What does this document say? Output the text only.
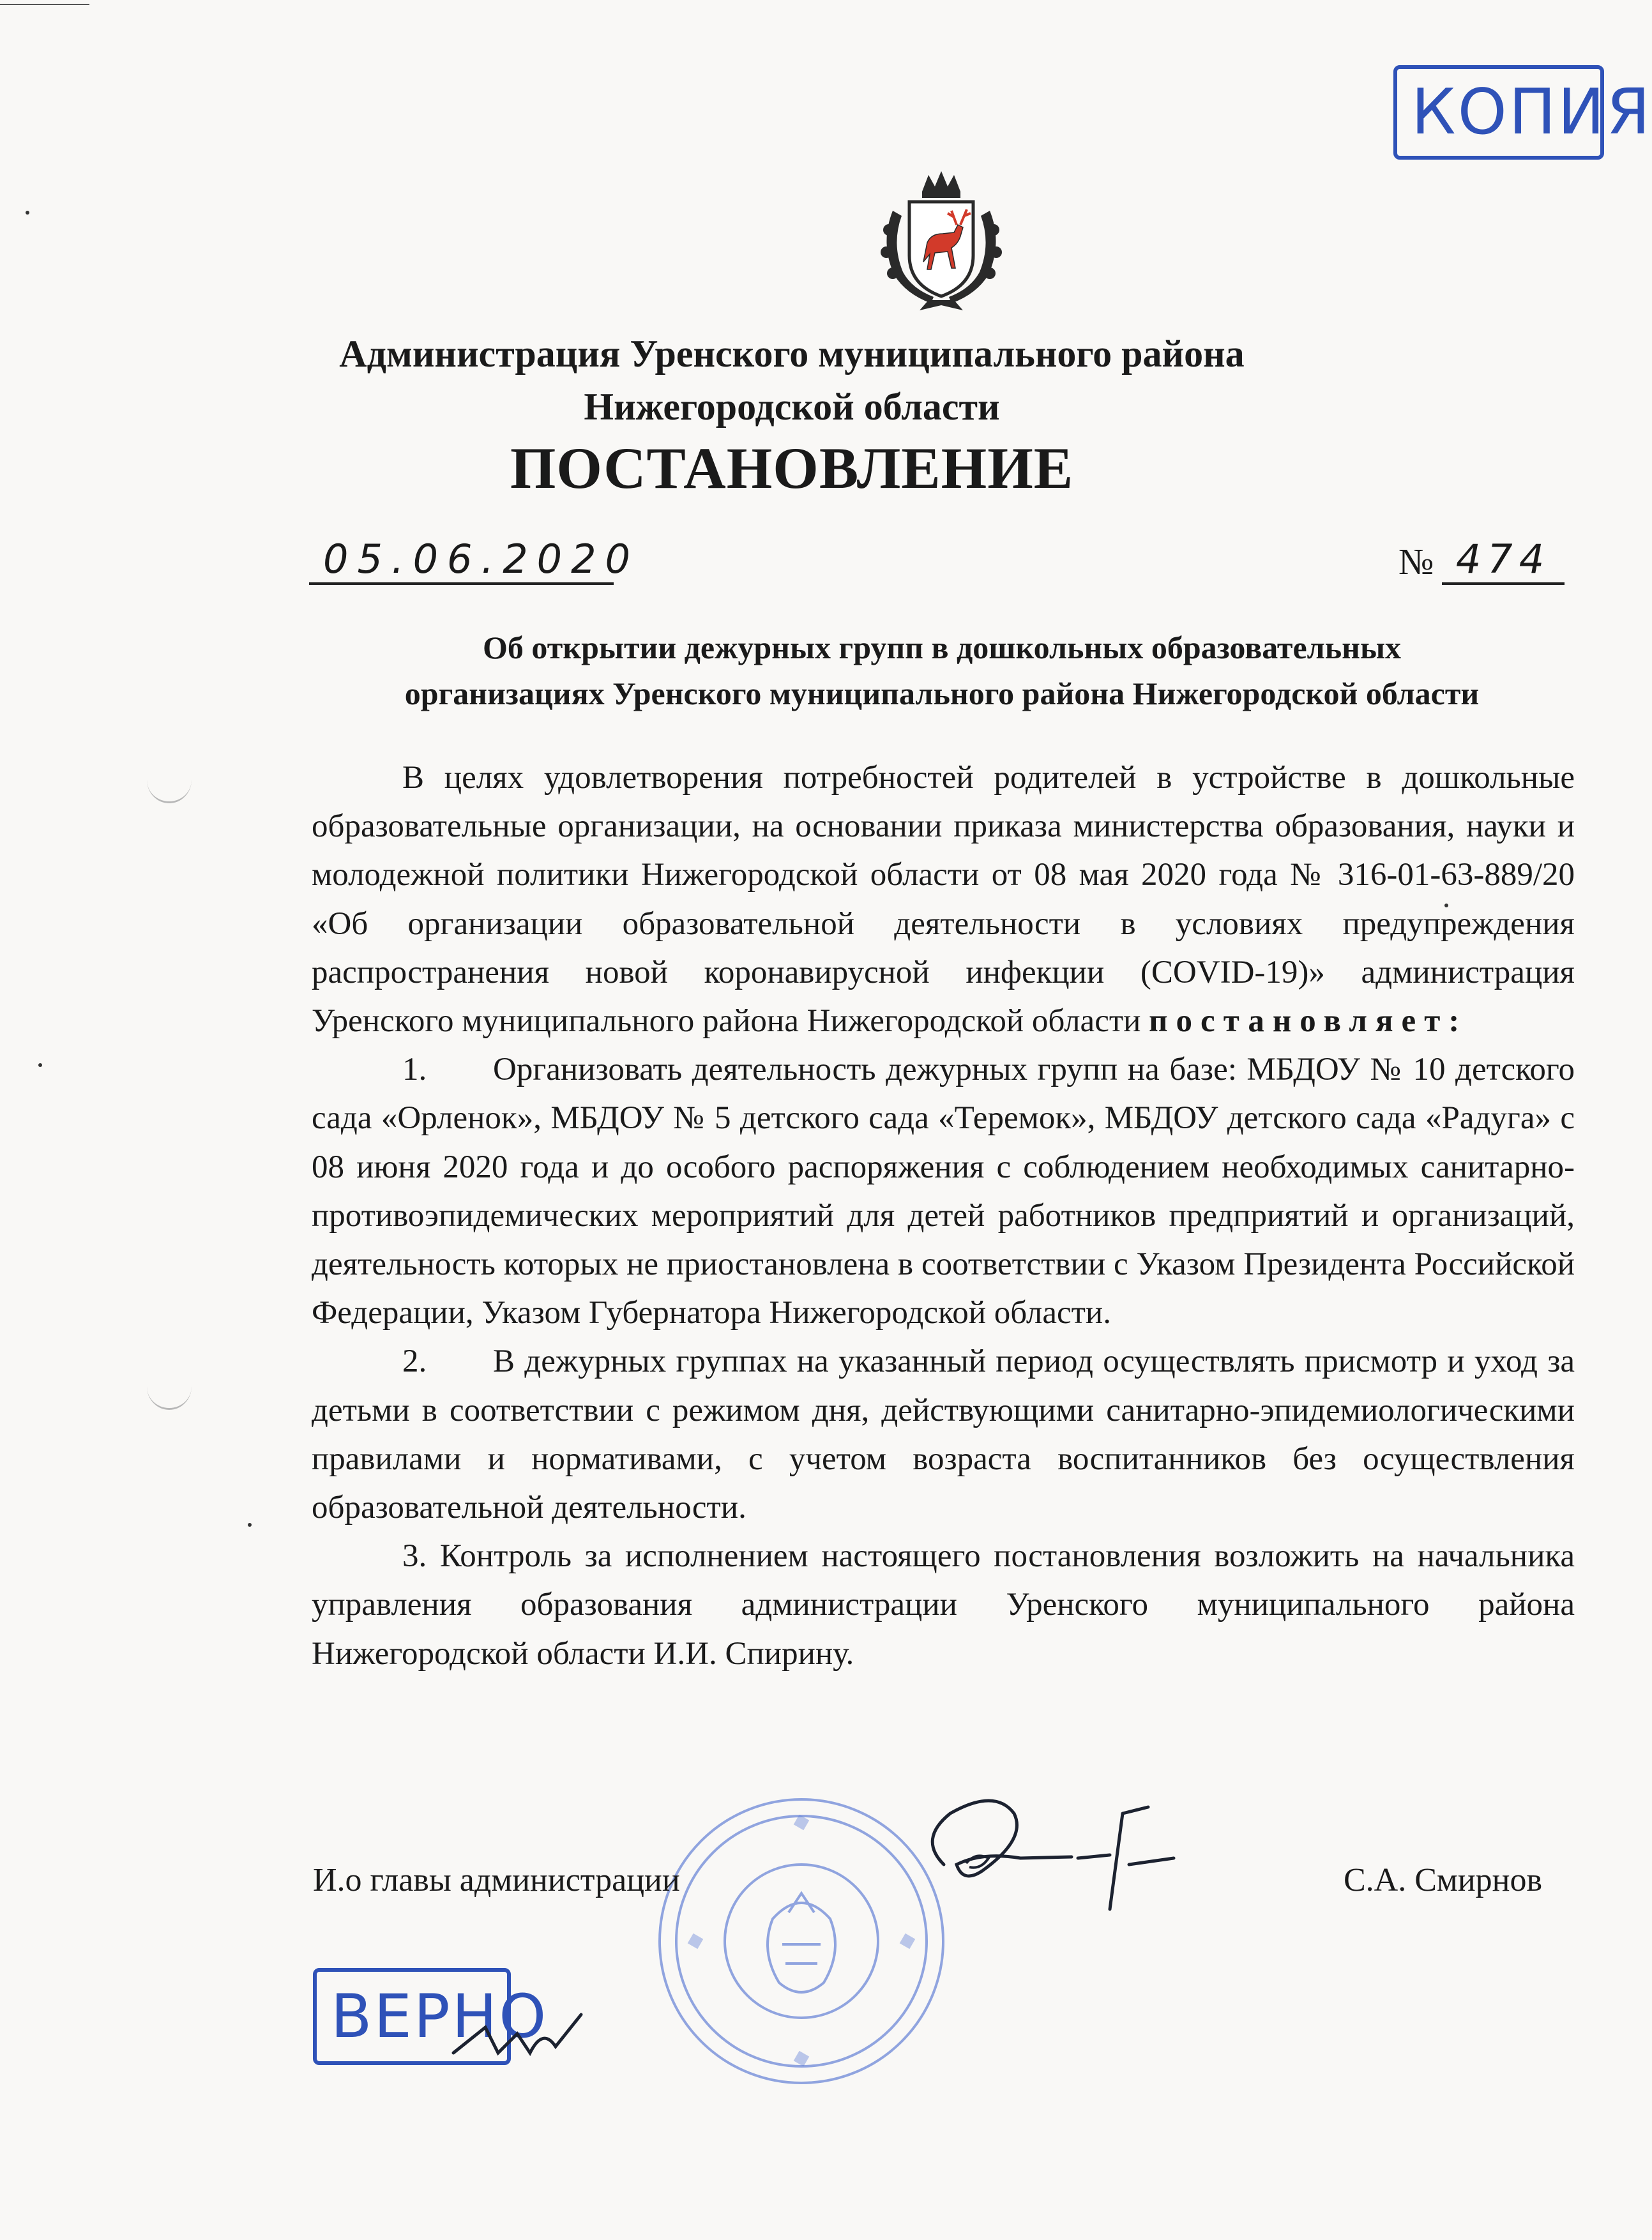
КОПИЯ
Администрация Уренского муниципального района
Нижегородской области
ПОСТАНОВЛЕНИЕ
05.06.2020	№ 474
Об открытии дежурных групп в дошкольных образовательных
организациях Уренского муниципального района Нижегородской области

В целях удовлетворения потребностей родителей в устройстве в дошкольные образовательные организации, на основании приказа министерства образования, науки и молодежной политики Нижегородской области от 08 мая 2020 года № 316-01-63-889/20 «Об организации образовательной деятельности в условиях предупреждения распространения новой коронавирусной инфекции (COVID-19)» администрация Уренского муниципального района Нижегородской области постановляет:

1. Организовать деятельность дежурных групп на базе: МБДОУ № 10 детского сада «Орленок», МБДОУ № 5 детского сада «Теремок», МБДОУ детского сада «Радуга» с 08 июня 2020 года и до особого распоряжения с соблюдением необходимых санитарно-противоэпидемических мероприятий для детей работников предприятий и организаций, деятельность которых не приостановлена в соответствии с Указом Президента Российской Федерации, Указом Губернатора Нижегородской области.

2. В дежурных группах на указанный период осуществлять присмотр и уход за детьми в соответствии с режимом дня, действующими санитарно-эпидемиологическими правилами и нормативами, с учетом возраста воспитанников без осуществления образовательной деятельности.

3. Контроль за исполнением настоящего постановления возложить на начальника управления образования администрации Уренского муниципального района Нижегородской области И.И. Спирину.

И.о главы администрации	С.А. Смирнов
ВЕРНО
